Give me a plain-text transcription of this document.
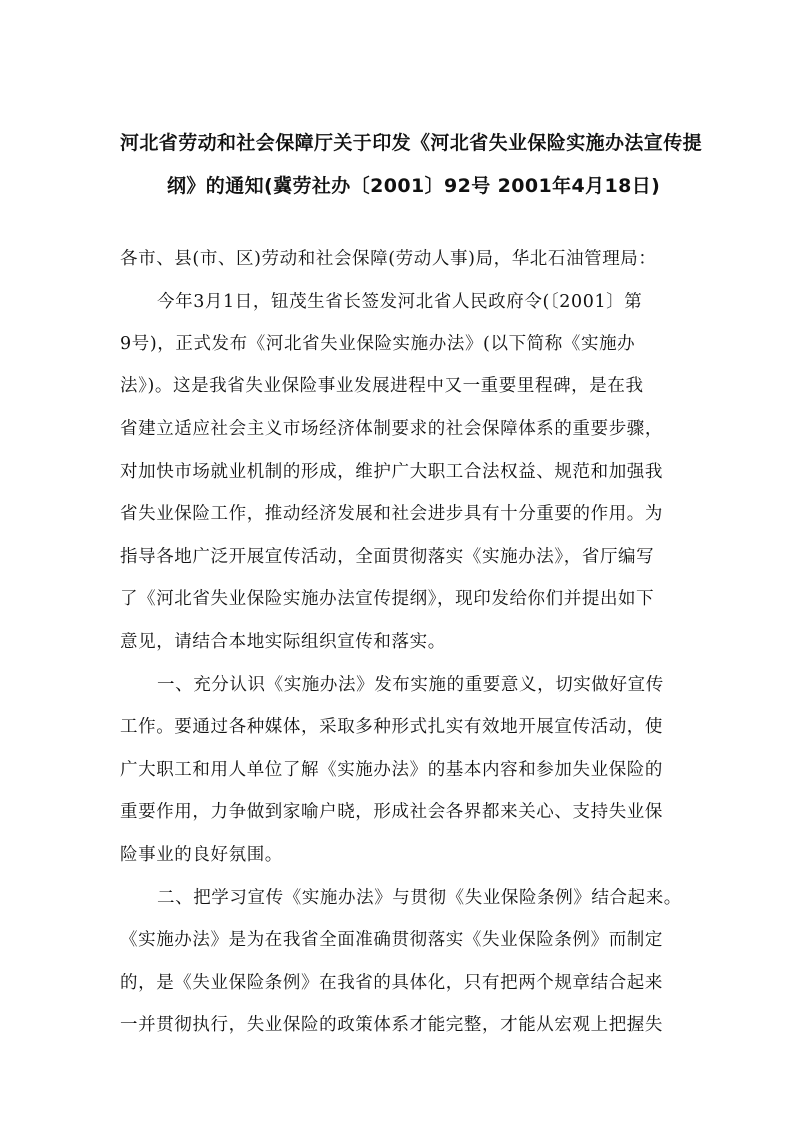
河北省劳动和社会保障厅关于印发《河北省失业保险实施办法宣传提
纲》的通知(冀劳社办〔2001〕92号 2001年4月18日)
各市、县(市、区)劳动和社会保障(劳动人事)局，华北石油管理局：
今年3月1日，钮茂生省长签发河北省人民政府令(〔2001〕第
9号)，正式发布《河北省失业保险实施办法》(以下简称《实施办
法》)。这是我省失业保险事业发展进程中又一重要里程碑，是在我
省建立适应社会主义市场经济体制要求的社会保障体系的重要步骤，
对加快市场就业机制的形成，维护广大职工合法权益、规范和加强我
省失业保险工作，推动经济发展和社会进步具有十分重要的作用。为
指导各地广泛开展宣传活动，全面贯彻落实《实施办法》，省厅编写
了《河北省失业保险实施办法宣传提纲》，现印发给你们并提出如下
意见，请结合本地实际组织宣传和落实。
一、充分认识《实施办法》发布实施的重要意义，切实做好宣传
工作。要通过各种媒体，采取多种形式扎实有效地开展宣传活动，使
广大职工和用人单位了解《实施办法》的基本内容和参加失业保险的
重要作用，力争做到家喻户晓，形成社会各界都来关心、支持失业保
险事业的良好氛围。
二、把学习宣传《实施办法》与贯彻《失业保险条例》结合起来。
《实施办法》是为在我省全面准确贯彻落实《失业保险条例》而制定
的，是《失业保险条例》在我省的具体化，只有把两个规章结合起来
一并贯彻执行，失业保险的政策体系才能完整，才能从宏观上把握失
